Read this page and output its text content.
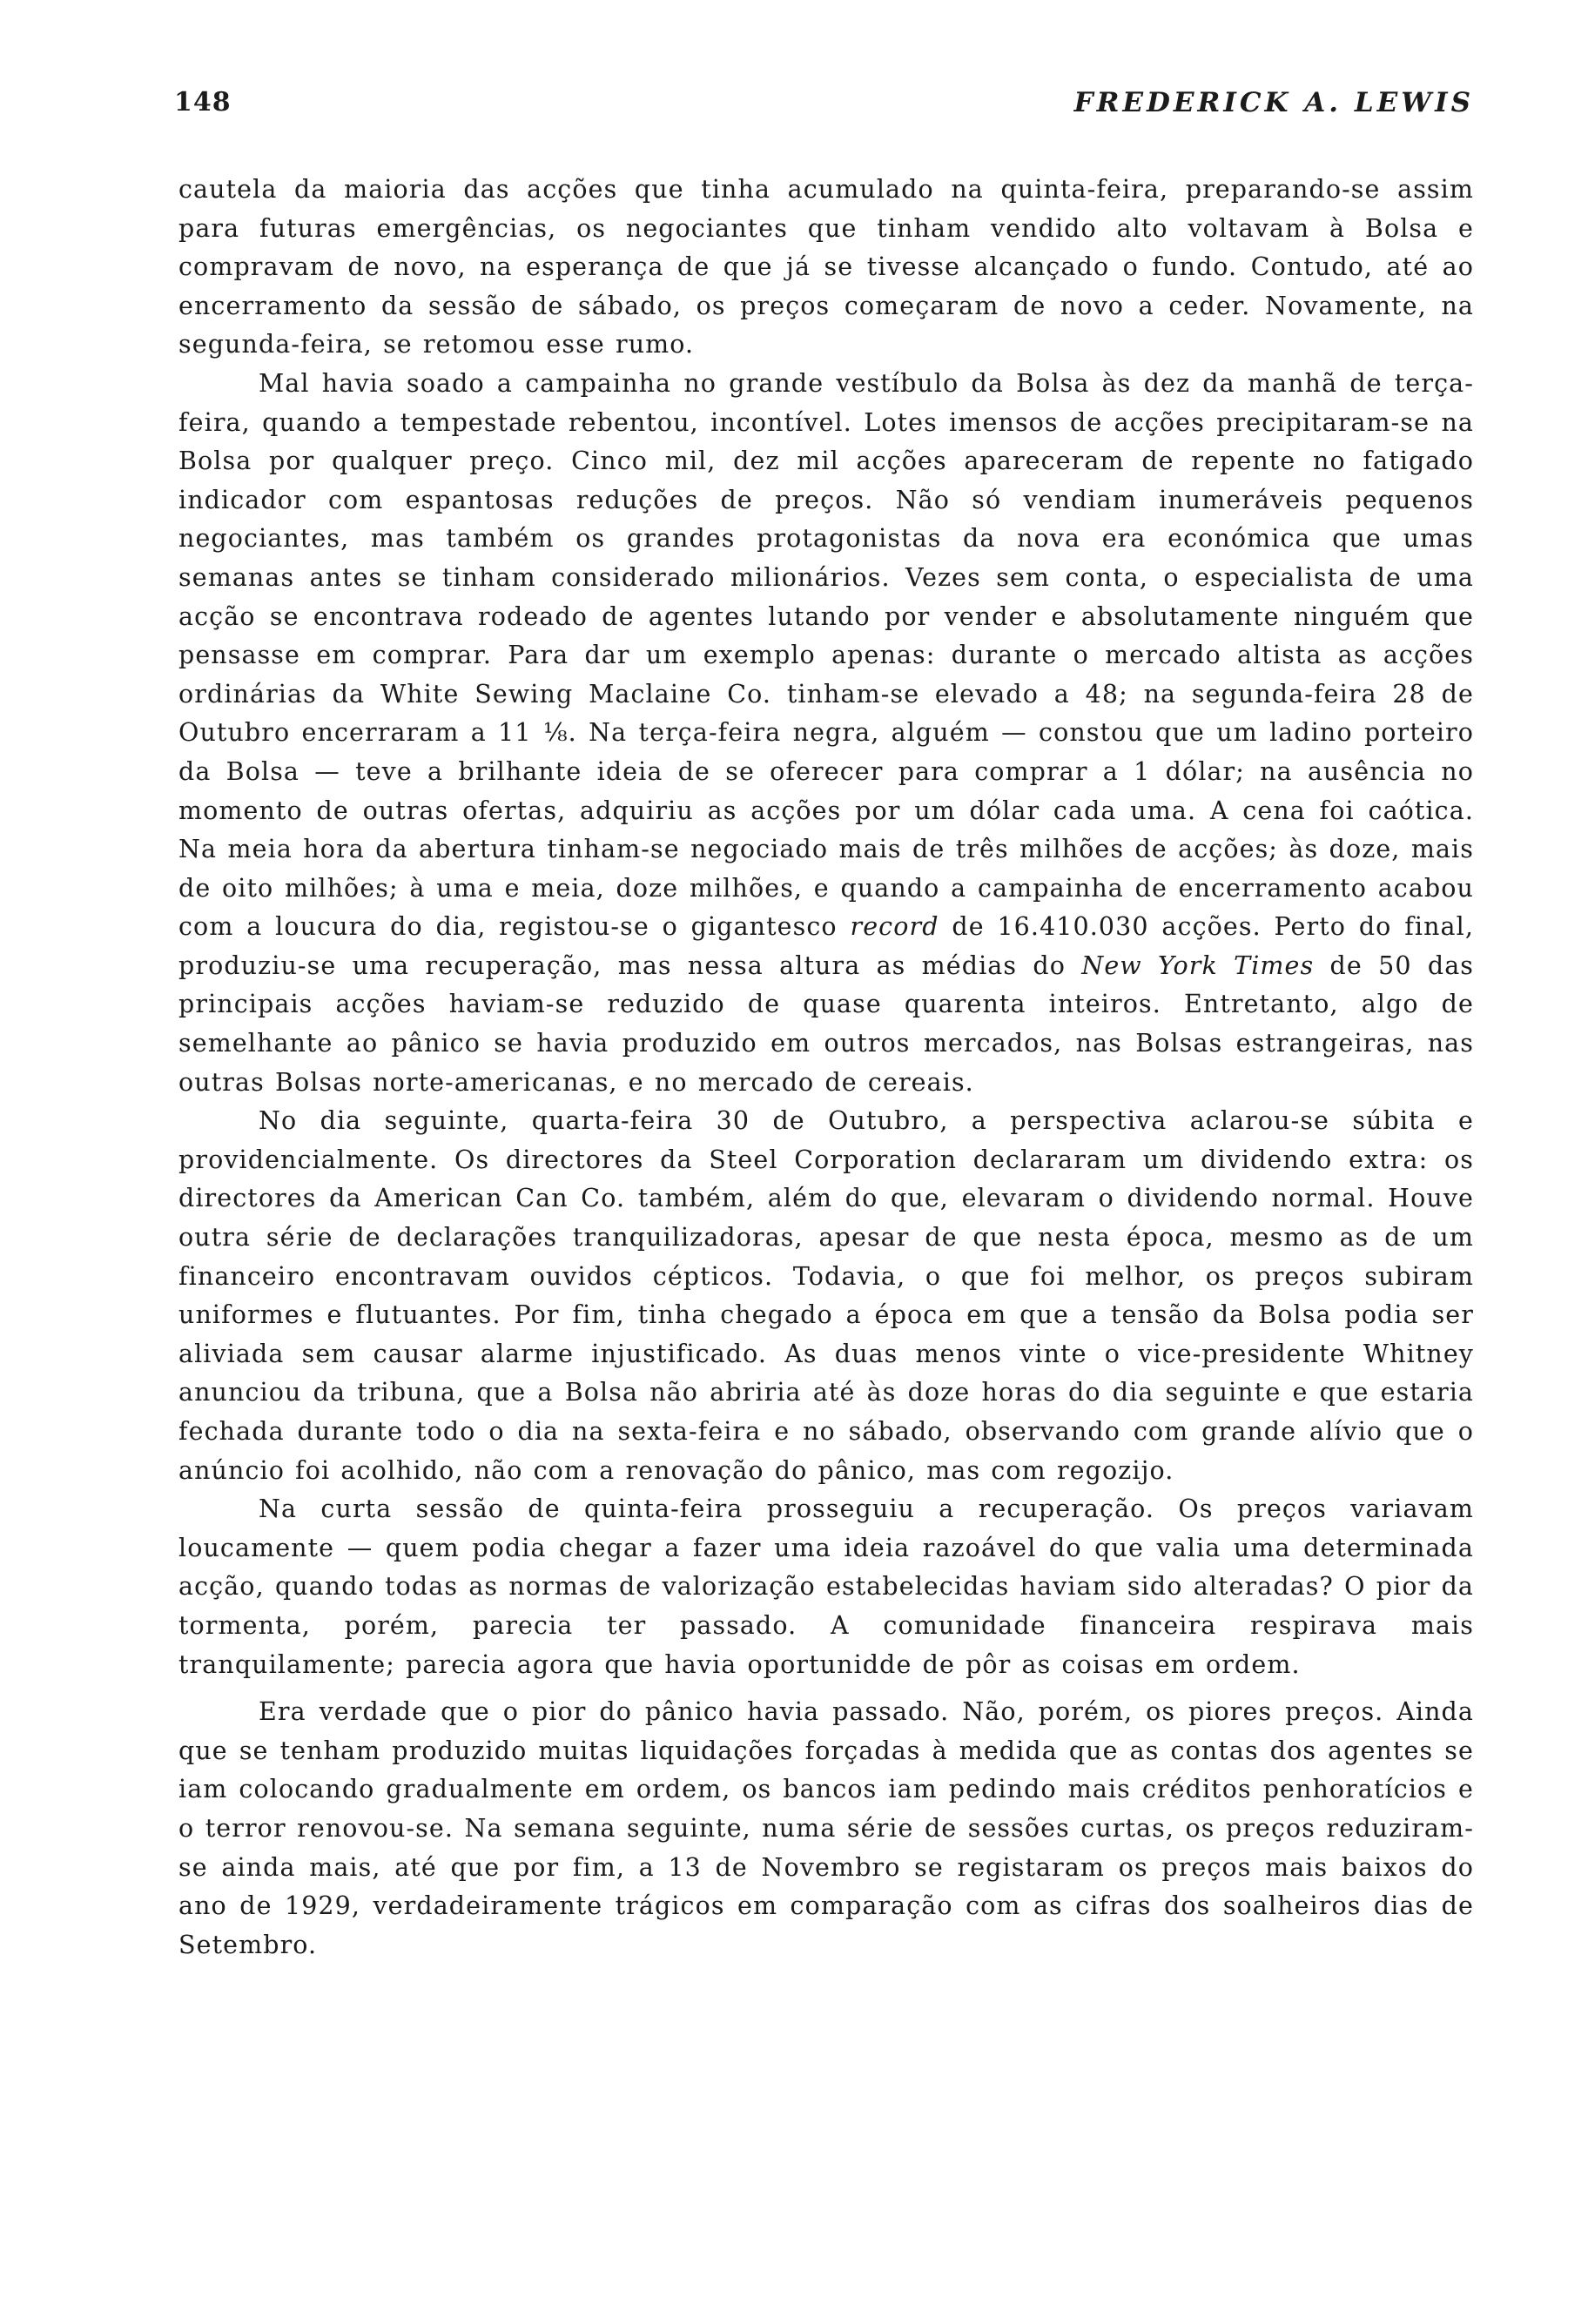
148	FREDERICK A. LEWIS

cautela da maioria das acções que tinha acumulado na quinta-feira, preparando-se assim para futuras emergências, os negociantes que tinham vendido alto voltavam à Bolsa e compravam de novo, na esperança de que já se tivesse alcançado o fundo. Contudo, até ao encerramento da sessão de sábado, os preços começaram de novo a ceder. Novamente, na segunda-feira, se retomou esse rumo.

Mal havia soado a campainha no grande vestíbulo da Bolsa às dez da manhã de terça-feira, quando a tempestade rebentou, incontível. Lotes imensos de acções precipitaram-se na Bolsa por qualquer preço. Cinco mil, dez mil acções apareceram de repente no fatigado indicador com espantosas reduções de preços. Não só vendiam inumeráveis pequenos negociantes, mas também os grandes protagonistas da nova era económica que umas semanas antes se tinham considerado milionários. Vezes sem conta, o especialista de uma acção se encontrava rodeado de agentes lutando por vender e absolutamente ninguém que pensasse em comprar. Para dar um exemplo apenas: durante o mercado altista as acções ordinárias da White Sewing Maclaine Co. tinham-se elevado a 48; na segunda-feira 28 de Outubro encerraram a 11 ⅛. Na terça-feira negra, alguém — constou que um ladino porteiro da Bolsa — teve a brilhante ideia de se oferecer para comprar a 1 dólar; na ausência no momento de outras ofertas, adquiriu as acções por um dólar cada uma. A cena foi caótica. Na meia hora da abertura tinham-se negociado mais de três milhões de acções; às doze, mais de oito milhões; à uma e meia, doze milhões, e quando a campainha de encerramento acabou com a loucura do dia, registou-se o gigantesco record de 16.410.030 acções. Perto do final, produziu-se uma recuperação, mas nessa altura as médias do New York Times de 50 das principais acções haviam-se reduzido de quase quarenta inteiros. Entretanto, algo de semelhante ao pânico se havia produzido em outros mercados, nas Bolsas estrangeiras, nas outras Bolsas norte-americanas, e no mercado de cereais.

No dia seguinte, quarta-feira 30 de Outubro, a perspectiva aclarou-se súbita e providencialmente. Os directores da Steel Corporation declararam um dividendo extra: os directores da American Can Co. também, além do que, elevaram o dividendo normal. Houve outra série de declarações tranquilizadoras, apesar de que nesta época, mesmo as de um financeiro encontravam ouvidos cépticos. Todavia, o que foi melhor, os preços subiram uniformes e flutuantes. Por fim, tinha chegado a época em que a tensão da Bolsa podia ser aliviada sem causar alarme injustificado. As duas menos vinte o vice-presidente Whitney anunciou da tribuna, que a Bolsa não abriria até às doze horas do dia seguinte e que estaria fechada durante todo o dia na sexta-feira e no sábado, observando com grande alívio que o anúncio foi acolhido, não com a renovação do pânico, mas com regozijo.

Na curta sessão de quinta-feira prosseguiu a recuperação. Os preços variavam loucamente — quem podia chegar a fazer uma ideia razoável do que valia uma determinada acção, quando todas as normas de valorização estabelecidas haviam sido alteradas? O pior da tormenta, porém, parecia ter passado. A comunidade financeira respirava mais tranquilamente; parecia agora que havia oportunidde de pôr as coisas em ordem.

Era verdade que o pior do pânico havia passado. Não, porém, os piores preços. Ainda que se tenham produzido muitas liquidações forçadas à medida que as contas dos agentes se iam colocando gradualmente em ordem, os bancos iam pedindo mais créditos penhoratícios e o terror renovou-se. Na semana seguinte, numa série de sessões curtas, os preços reduziram-se ainda mais, até que por fim, a 13 de Novembro se registaram os preços mais baixos do ano de 1929, verdadeiramente trágicos em comparação com as cifras dos soalheiros dias de Setembro.
